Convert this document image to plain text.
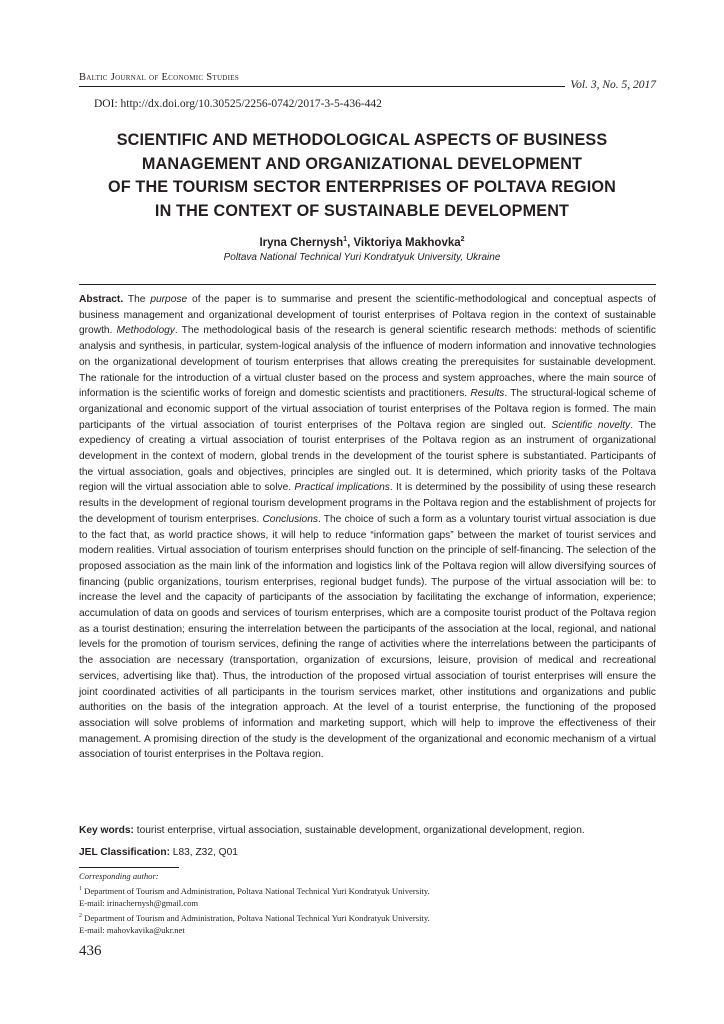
Baltic Journal of Economic Studies
Vol. 3, No. 5, 2017
DOI: http://dx.doi.org/10.30525/2256-0742/2017-3-5-436-442
SCIENTIFIC AND METHODOLOGICAL ASPECTS OF BUSINESS
MANAGEMENT AND ORGANIZATIONAL DEVELOPMENT
OF THE TOURISM SECTOR ENTERPRISES OF POLTAVA REGION
IN THE CONTEXT OF SUSTAINABLE DEVELOPMENT
Iryna Chernysh$^1$, Viktoriya Makhovka$^2$
Poltava National Technical Yuri Kondratyuk University, Ukraine
Abstract. The purpose of the paper is to summarise and present the scientific-methodological and conceptual aspects of business management and organizational development of tourist enterprises of Poltava region in the context of sustainable growth. Methodology. The methodological basis of the research is general scientific research methods: methods of scientific analysis and synthesis, in particular, system-logical analysis of the influence of modern information and innovative technologies on the organizational development of tourism enterprises that allows creating the prerequisites for sustainable development. The rationale for the introduction of a virtual cluster based on the process and system approaches, where the main source of information is the scientific works of foreign and domestic scientists and practitioners. Results. The structural-logical scheme of organizational and economic support of the virtual association of tourist enterprises of the Poltava region is formed. The main participants of the virtual association of tourist enterprises of the Poltava region are singled out. Scientific novelty. The expediency of creating a virtual association of tourist enterprises of the Poltava region as an instrument of organizational development in the context of modern, global trends in the development of the tourist sphere is substantiated. Participants of the virtual association, goals and objectives, principles are singled out. It is determined, which priority tasks of the Poltava region will the virtual association able to solve. Practical implications. It is determined by the possibility of using these research results in the development of regional tourism development programs in the Poltava region and the establishment of projects for the development of tourism enterprises. Conclusions. The choice of such a form as a voluntary tourist virtual association is due to the fact that, as world practice shows, it will help to reduce “information gaps” between the market of tourist services and modern realities. Virtual association of tourism enterprises should function on the principle of self-financing. The selection of the proposed association as the main link of the information and logistics link of the Poltava region will allow diversifying sources of financing (public organizations, tourism enterprises, regional budget funds). The purpose of the virtual association will be: to increase the level and the capacity of participants of the association by facilitating the exchange of information, experience; accumulation of data on goods and services of tourism enterprises, which are a composite tourist product of the Poltava region as a tourist destination; ensuring the interrelation between the participants of the association at the local, regional, and national levels for the promotion of tourism services, defining the range of activities where the interrelations between the participants of the association are necessary (transportation, organization of excursions, leisure, provision of medical and recreational services, advertising like that). Thus, the introduction of the proposed virtual association of tourist enterprises will ensure the joint coordinated activities of all participants in the tourism services market, other institutions and organizations and public authorities on the basis of the integration approach. At the level of a tourist enterprise, the functioning of the proposed association will solve problems of information and marketing support, which will help to improve the effectiveness of their management. A promising direction of the study is the development of the organizational and economic mechanism of a virtual association of tourist enterprises in the Poltava region.
Key words: tourist enterprise, virtual association, sustainable development, organizational development, region.
JEL Classification: L83, Z32, Q01
Corresponding author:
$^1$ Department of Tourism and Administration, Poltava National Technical Yuri Kondratyuk University.
E-mail: irinachernysh@gmail.com
$^2$ Department of Tourism and Administration, Poltava National Technical Yuri Kondratyuk University.
E-mail: mahovkavika@ukr.net
436
